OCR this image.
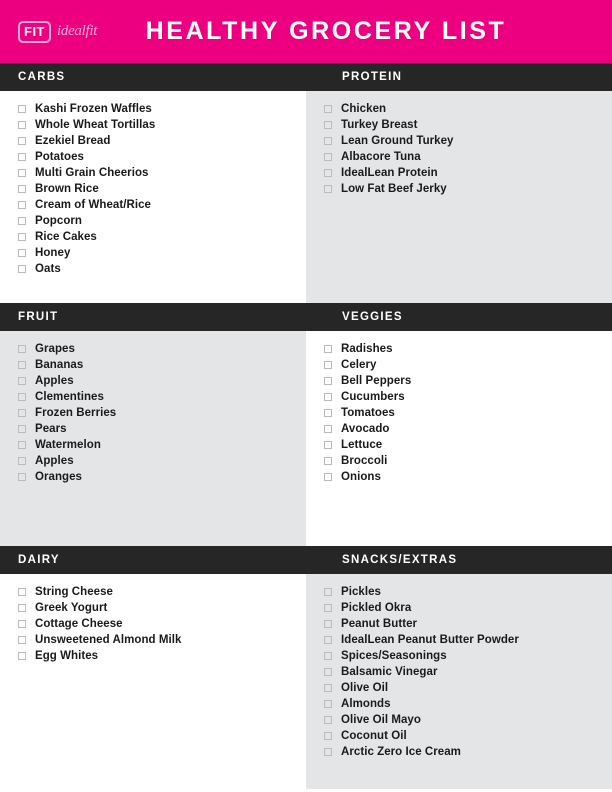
FIT idealfit	HEALTHY GROCERY LIST
CARBS	PROTEIN
Kashi Frozen Waffles
Whole Wheat Tortillas
Ezekiel Bread
Potatoes
Multi Grain Cheerios
Brown Rice
Cream of Wheat/Rice
Popcorn
Rice Cakes
Honey
Oats
Chicken
Turkey Breast
Lean Ground Turkey
Albacore Tuna
IdealLean Protein
Low Fat Beef Jerky
FRUIT	VEGGIES
Grapes
Bananas
Apples
Clementines
Frozen Berries
Pears
Watermelon
Apples
Oranges
Radishes
Celery
Bell Peppers
Cucumbers
Tomatoes
Avocado
Lettuce
Broccoli
Onions
DAIRY	SNACKS/EXTRAS
String Cheese
Greek Yogurt
Cottage Cheese
Unsweetened Almond Milk
Egg Whites
Pickles
Pickled Okra
Peanut Butter
IdealLean Peanut Butter Powder
Spices/Seasonings
Balsamic Vinegar
Olive Oil
Almonds
Olive Oil Mayo
Coconut Oil
Arctic Zero Ice Cream
